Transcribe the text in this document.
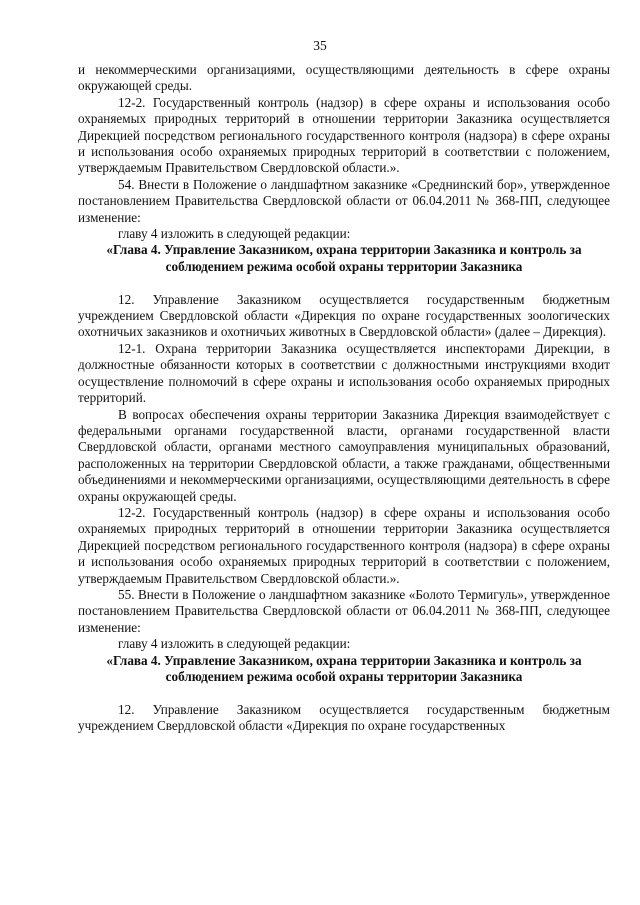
35

и некоммерческими организациями, осуществляющими деятельность в сфере охраны окружающей среды.

12-2. Государственный контроль (надзор) в сфере охраны и использования особо охраняемых природных территорий в отношении территории Заказника осуществляется Дирекцией посредством регионального государственного контроля (надзора) в сфере охраны и использования особо охраняемых природных территорий в соответствии с положением, утверждаемым Правительством Свердловской области.».

54. Внести в Положение о ландшафтном заказнике «Среднинский бор», утвержденное постановлением Правительства Свердловской области от 06.04.2011 № 368-ПП, следующее изменение:

главу 4 изложить в следующей редакции:

«Глава 4. Управление Заказником, охрана территории Заказника и контроль за соблюдением режима особой охраны территории Заказника

12. Управление Заказником осуществляется государственным бюджетным учреждением Свердловской области «Дирекция по охране государственных зоологических охотничьих заказников и охотничьих животных в Свердловской области» (далее – Дирекция).

12-1. Охрана территории Заказника осуществляется инспекторами Дирекции, в должностные обязанности которых в соответствии с должностными инструкциями входит осуществление полномочий в сфере охраны и использования особо охраняемых природных территорий.

В вопросах обеспечения охраны территории Заказника Дирекция взаимодействует с федеральными органами государственной власти, органами государственной власти Свердловской области, органами местного самоуправления муниципальных образований, расположенных на территории Свердловской области, а также гражданами, общественными объединениями и некоммерческими организациями, осуществляющими деятельность в сфере охраны окружающей среды.

12-2. Государственный контроль (надзор) в сфере охраны и использования особо охраняемых природных территорий в отношении территории Заказника осуществляется Дирекцией посредством регионального государственного контроля (надзора) в сфере охраны и использования особо охраняемых природных территорий в соответствии с положением, утверждаемым Правительством Свердловской области.».

55. Внести в Положение о ландшафтном заказнике «Болото Термигуль», утвержденное постановлением Правительства Свердловской области от 06.04.2011 № 368-ПП, следующее изменение:

главу 4 изложить в следующей редакции:

«Глава 4. Управление Заказником, охрана территории Заказника и контроль за соблюдением режима особой охраны территории Заказника

12. Управление Заказником осуществляется государственным бюджетным учреждением Свердловской области «Дирекция по охране государственных
